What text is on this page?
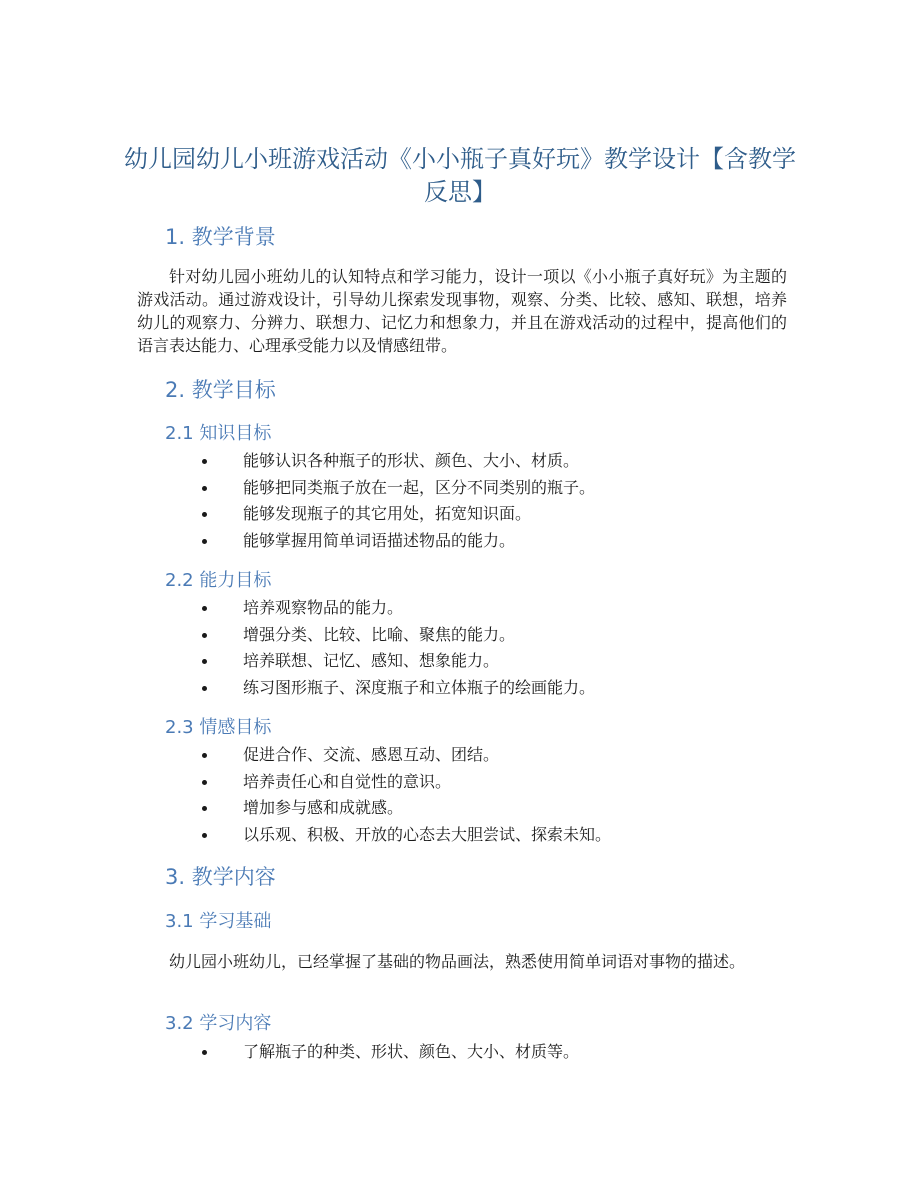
幼儿园幼儿小班游戏活动《小小瓶子真好玩》教学设计【含教学反思】
1. 教学背景

针对幼儿园小班幼儿的认知特点和学习能力，设计一项以《小小瓶子真好玩》为主题的游戏活动。通过游戏设计，引导幼儿探索发现事物，观察、分类、比较、感知、联想，培养幼儿的观察力、分辨力、联想力、记忆力和想象力，并且在游戏活动的过程中，提高他们的语言表达能力、心理承受能力以及情感纽带。

2. 教学目标
2.1 知识目标
能够认识各种瓶子的形状、颜色、大小、材质。
能够把同类瓶子放在一起，区分不同类别的瓶子。
能够发现瓶子的其它用处，拓宽知识面。
能够掌握用简单词语描述物品的能力。
2.2 能力目标
培养观察物品的能力。
增强分类、比较、比喻、聚焦的能力。
培养联想、记忆、感知、想象能力。
练习图形瓶子、深度瓶子和立体瓶子的绘画能力。
2.3 情感目标
促进合作、交流、感恩互动、团结。
培养责任心和自觉性的意识。
增加参与感和成就感。
以乐观、积极、开放的心态去大胆尝试、探索未知。
3. 教学内容
3.1 学习基础

幼儿园小班幼儿，已经掌握了基础的物品画法，熟悉使用简单词语对事物的描述。

3.2 学习内容
了解瓶子的种类、形状、颜色、大小、材质等。
